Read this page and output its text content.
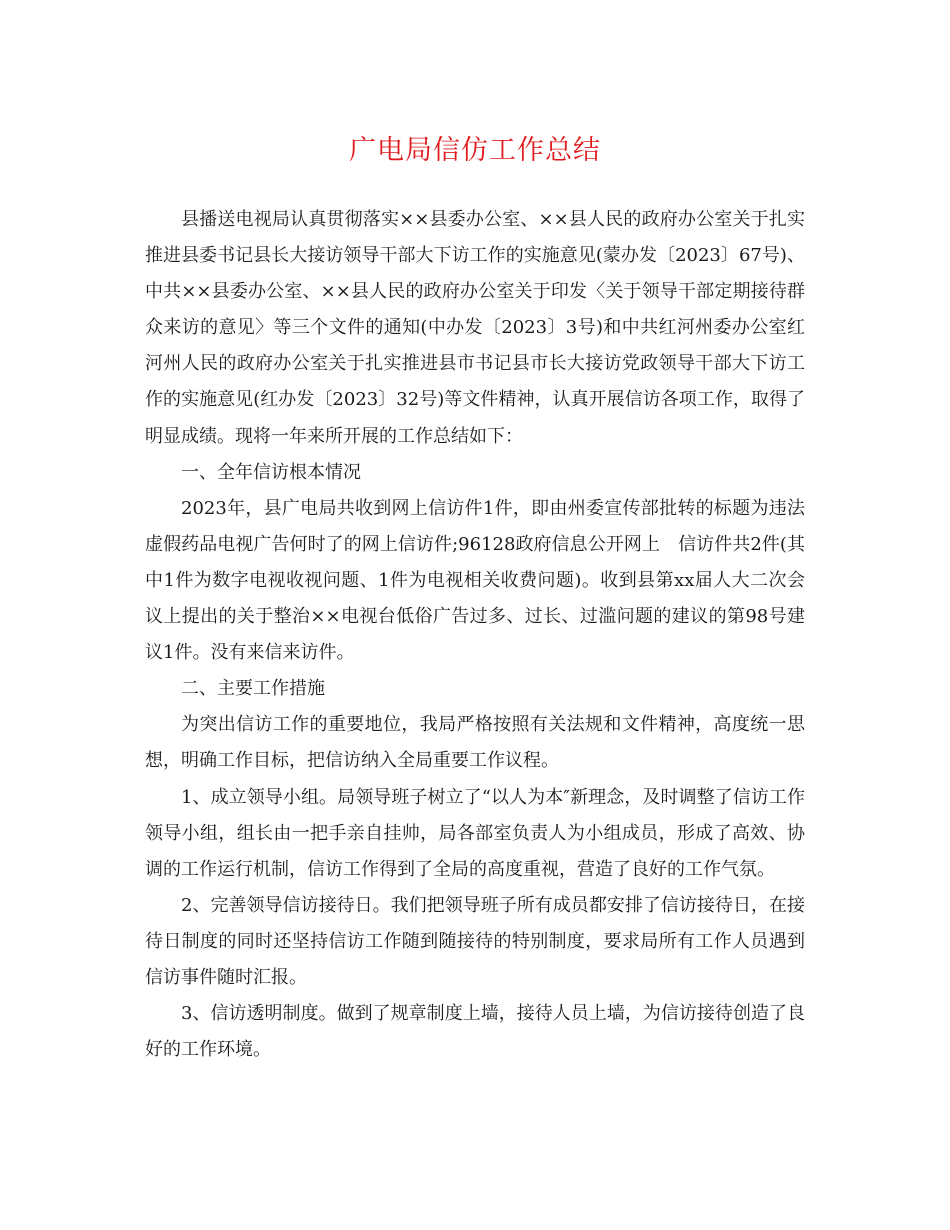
广电局信仿工作总结

县播送电视局认真贯彻落实××县委办公室、××县人民的政府办公室关于扎实推进县委书记县长大接访领导干部大下访工作的实施意见(蒙办发〔2023〕67号)、中共××县委办公室、××县人民的政府办公室关于印发〈关于领导干部定期接待群众来访的意见〉等三个文件的通知(中办发〔2023〕3号)和中共红河州委办公室红河州人民的政府办公室关于扎实推进县市书记县市长大接访党政领导干部大下访工作的实施意见(红办发〔2023〕32号)等文件精神，认真开展信访各项工作，取得了明显成绩。现将一年来所开展的工作总结如下：

一、全年信访根本情况

2023年，县广电局共收到网上信访件1件，即由州委宣传部批转的标题为违法虚假药品电视广告何时了的网上信访件;96128政府信息公开网上　信访件共2件(其中1件为数字电视收视问题、1件为电视相关收费问题)。收到县第xx届人大二次会议上提出的关于整治××电视台低俗广告过多、过长、过滥问题的建议的第98号建议1件。没有来信来访件。

二、主要工作措施

为突出信访工作的重要地位，我局严格按照有关法规和文件精神，高度统一思想，明确工作目标，把信访纳入全局重要工作议程。

1、成立领导小组。局领导班子树立了“以人为本″新理念，及时调整了信访工作领导小组，组长由一把手亲自挂帅，局各部室负责人为小组成员，形成了高效、协调的工作运行机制，信访工作得到了全局的高度重视，营造了良好的工作气氛。

2、完善领导信访接待日。我们把领导班子所有成员都安排了信访接待日，在接待日制度的同时还坚持信访工作随到随接待的特别制度，要求局所有工作人员遇到信访事件随时汇报。

3、信访透明制度。做到了规章制度上墙，接待人员上墙，为信访接待创造了良好的工作环境。
